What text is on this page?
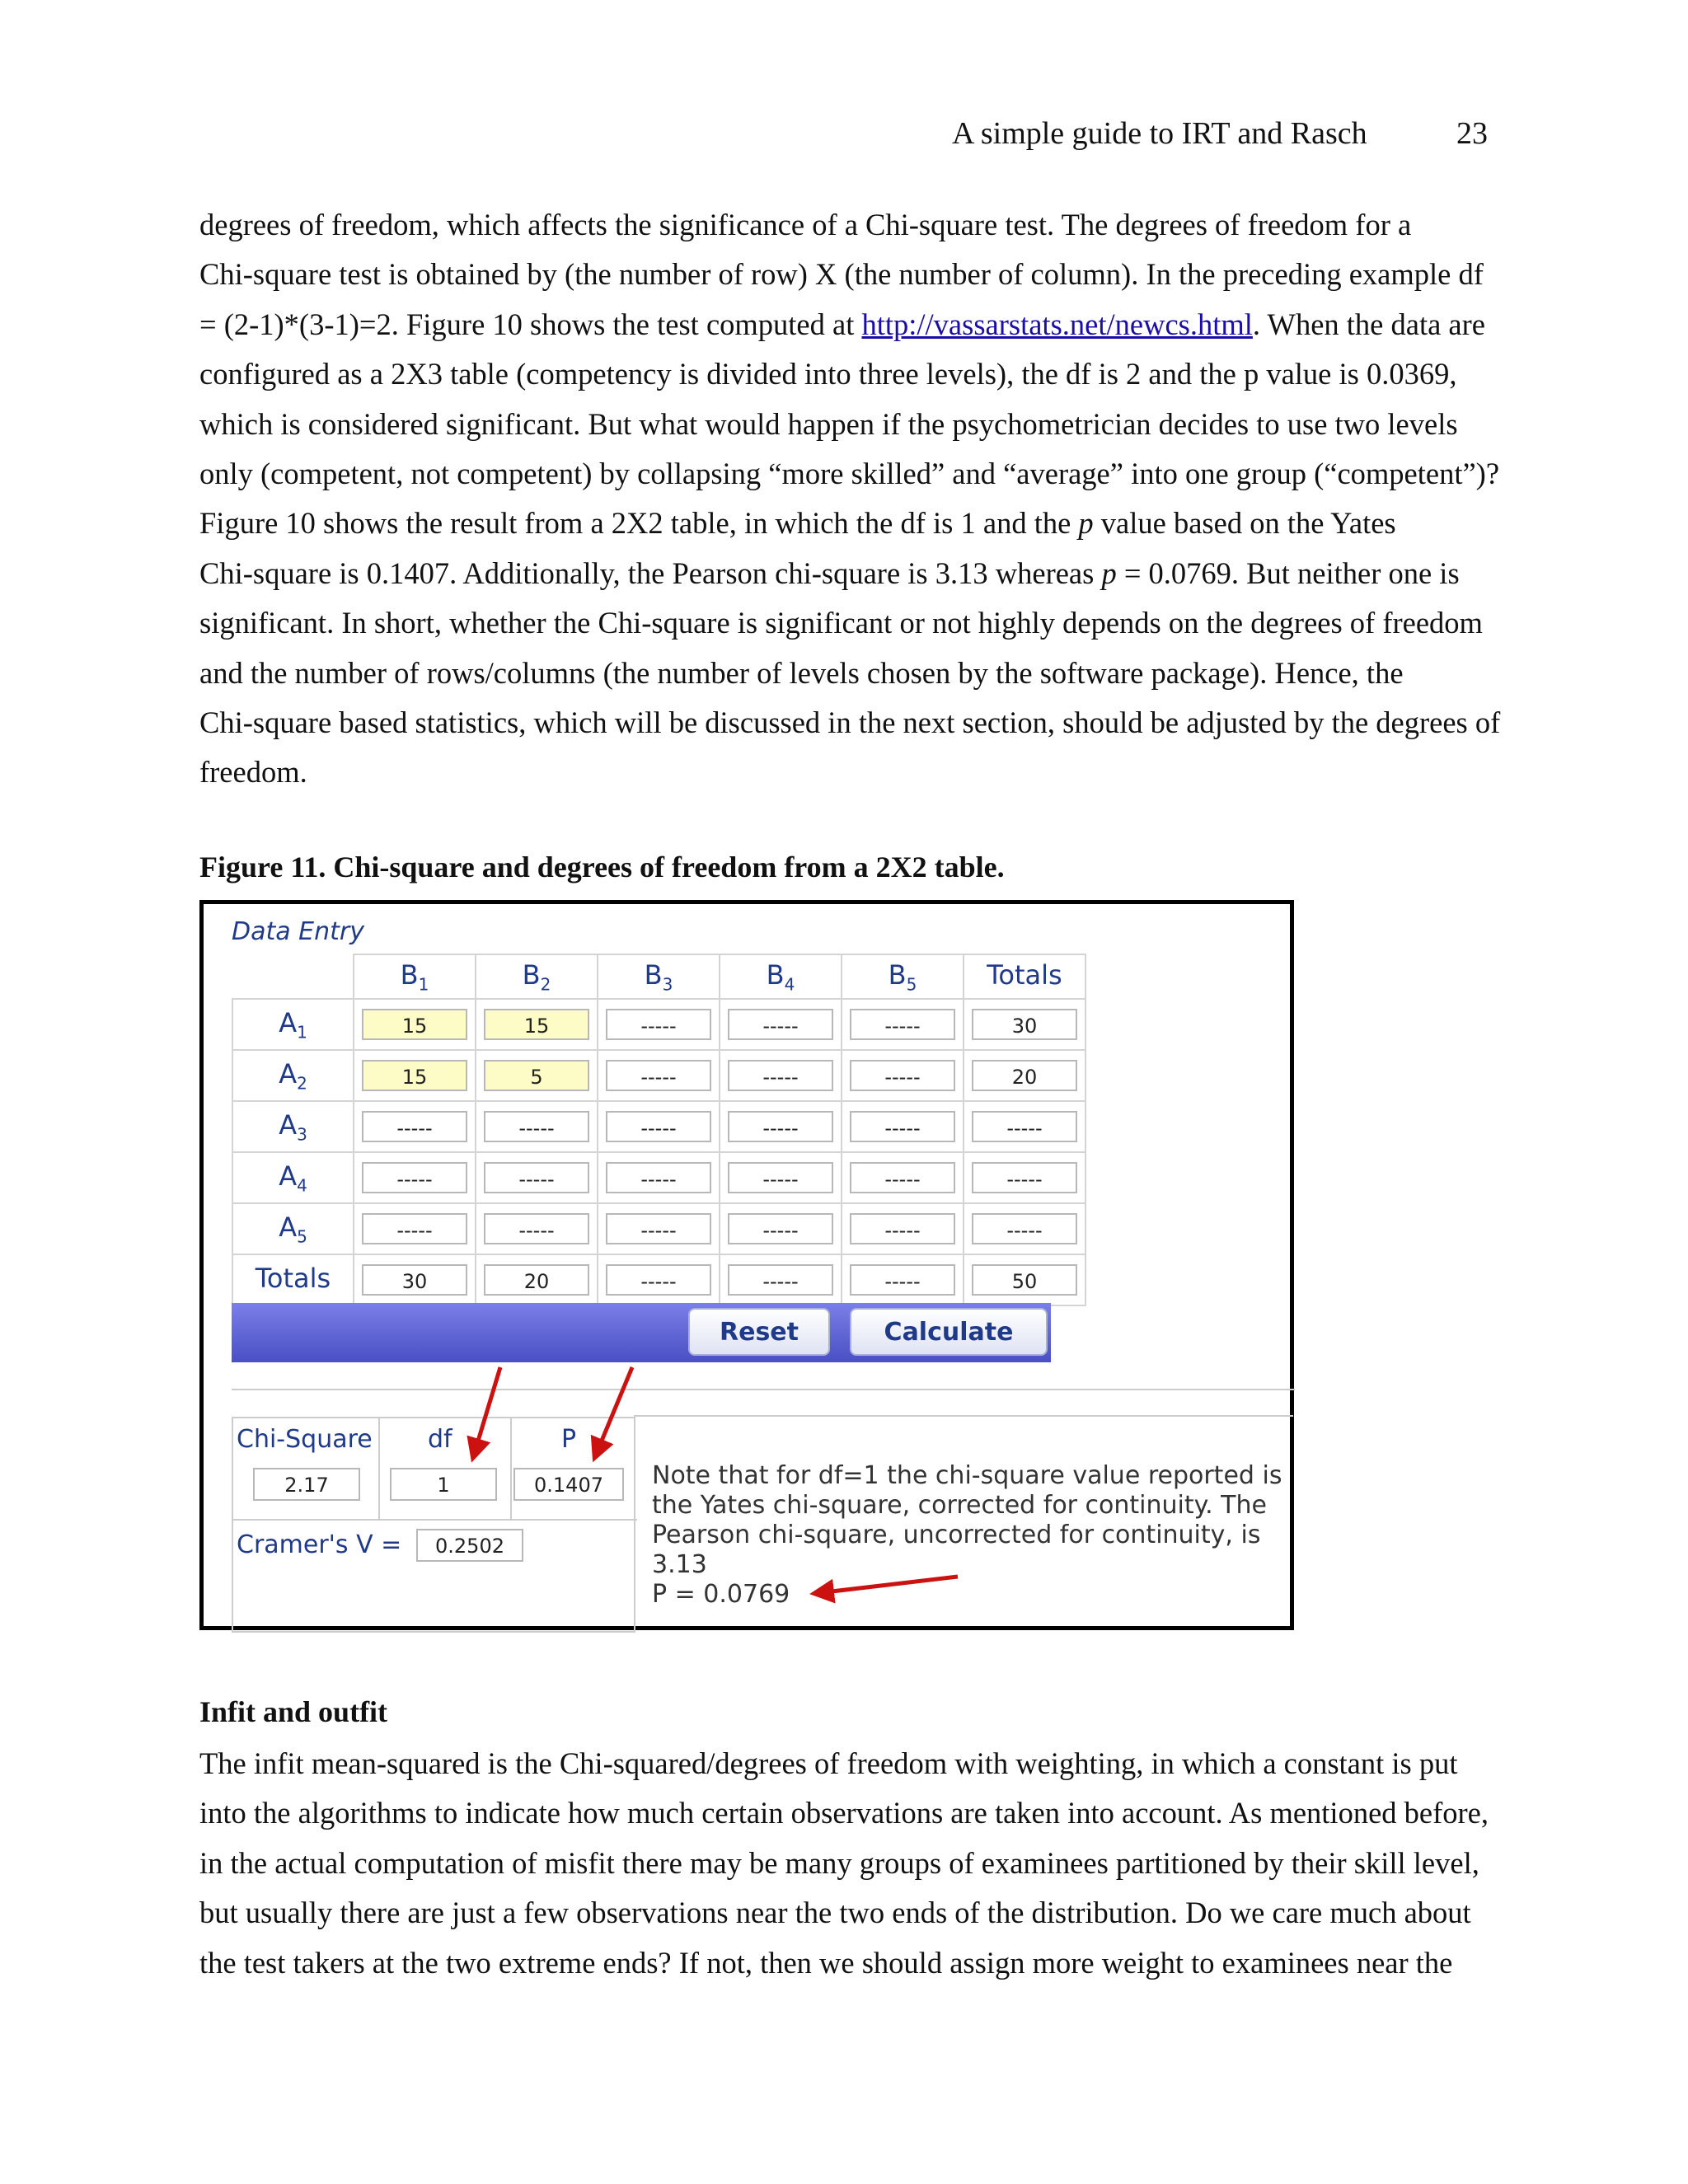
A simple guide to IRT and Rasch	23

degrees of freedom, which affects the significance of a Chi-square test. The degrees of freedom for a
Chi-square test is obtained by (the number of row) X (the number of column). In the preceding example df
= (2-1)*(3-1)=2. Figure 10 shows the test computed at http://vassarstats.net/newcs.html. When the data are
configured as a 2X3 table (competency is divided into three levels), the df is 2 and the p value is 0.0369,
which is considered significant. But what would happen if the psychometrician decides to use two levels
only (competent, not competent) by collapsing “more skilled” and “average” into one group (“competent”)?
Figure 10 shows the result from a 2X2 table, in which the df is 1 and the p value based on the Yates
Chi-square is 0.1407. Additionally, the Pearson chi-square is 3.13 whereas p = 0.0769. But neither one is
significant. In short, whether the Chi-square is significant or not highly depends on the degrees of freedom
and the number of rows/columns (the number of levels chosen by the software package). Hence, the
Chi-square based statistics, which will be discussed in the next section, should be adjusted by the degrees of
freedom.

Figure 11. Chi-square and degrees of freedom from a 2X2 table.
Data Entry
	$B_1$	$B_2$	$B_3$	$B_4$	$B_5$	Totals
$A_1$	15	15	-----	-----	-----	30
$A_2$	15	5	-----	-----	-----	20
$A_3$	-----	-----	-----	-----	-----	-----
$A_4$	-----	-----	-----	-----	-----	-----
$A_5$	-----	-----	-----	-----	-----	-----
Totals	30	20	-----	-----	-----	50
Reset	Calculate
Chi-Square df	P
2.17	1	0.1407
Cramer's V =	0.2502
Note that for df=1 the chi-square value reported is
the Yates chi-square, corrected for continuity. The
Pearson chi-square, uncorrected for continuity, is
3.13
P = 0.0769
Infit and outfit

The infit mean-squared is the Chi-squared/degrees of freedom with weighting, in which a constant is put
into the algorithms to indicate how much certain observations are taken into account. As mentioned before,
in the actual computation of misfit there may be many groups of examinees partitioned by their skill level,
but usually there are just a few observations near the two ends of the distribution. Do we care much about
the test takers at the two extreme ends? If not, then we should assign more weight to examinees near the
